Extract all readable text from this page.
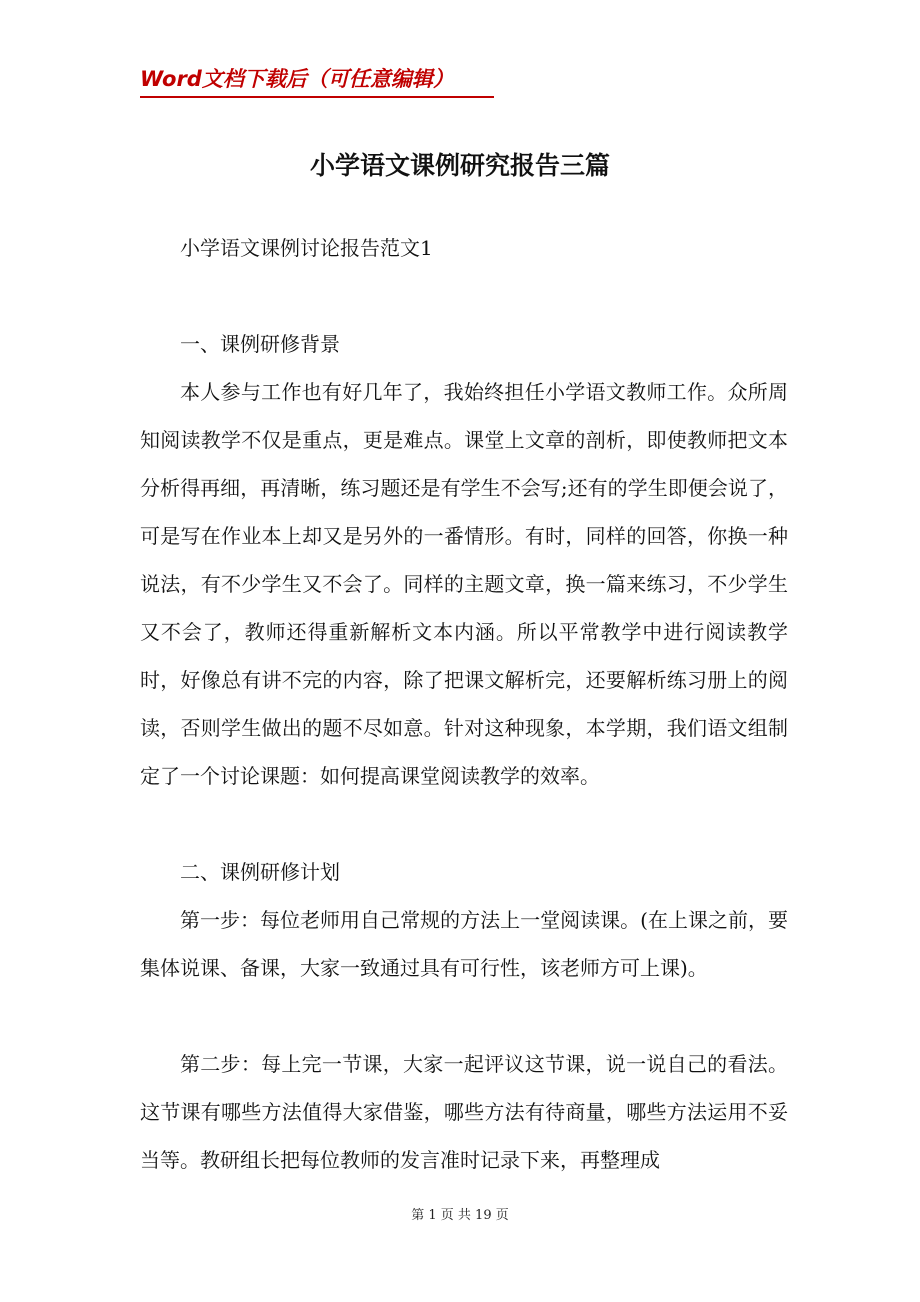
Word文档下载后（可任意编辑）
小学语文课例研究报告三篇
小学语文课例讨论报告范文1
一、课例研修背景
本人参与工作也有好几年了，我始终担任小学语文教师工作。众所周知阅读教学不仅是重点，更是难点。课堂上文章的剖析，即使教师把文本分析得再细，再清晰，练习题还是有学生不会写;还有的学生即便会说了，可是写在作业本上却又是另外的一番情形。有时，同样的回答，你换一种说法，有不少学生又不会了。同样的主题文章，换一篇来练习，不少学生又不会了，教师还得重新解析文本内涵。所以平常教学中进行阅读教学时，好像总有讲不完的内容，除了把课文解析完，还要解析练习册上的阅读，否则学生做出的题不尽如意。针对这种现象，本学期，我们语文组制定了一个讨论课题：如何提高课堂阅读教学的效率。
二、课例研修计划
第一步：每位老师用自己常规的方法上一堂阅读课。(在上课之前，要集体说课、备课，大家一致通过具有可行性，该老师方可上课)。
第二步：每上完一节课，大家一起评议这节课，说一说自己的看法。这节课有哪些方法值得大家借鉴，哪些方法有待商量，哪些方法运用不妥当等。教研组长把每位教师的发言准时记录下来，再整理成
第 1 页 共 19 页
